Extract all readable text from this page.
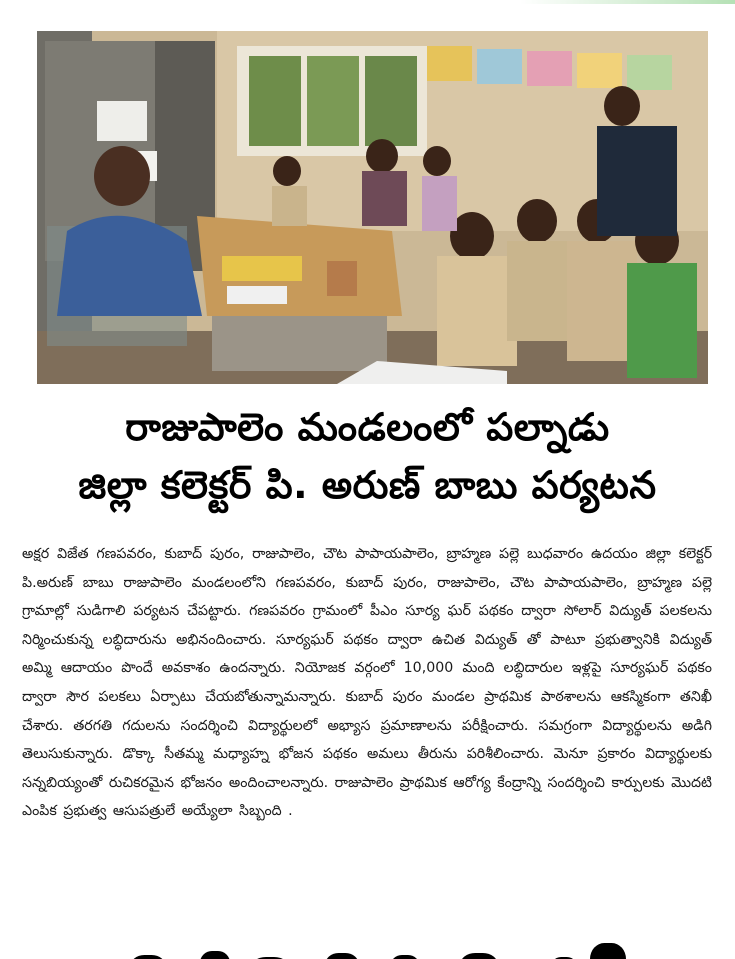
రాజుపాలెం మండలంలో పల్నాడు
జిల్లా కలెక్టర్ పి. అరుణ్ బాబు పర్యటన

అక్షర విజేత గణపవరం, కుబాద్ పురం, రాజుపాలెం, చౌట పాపాయపాలెం, బ్రాహ్మణ పల్లె బుధవారం ఉదయం జిల్లా కలెక్టర్ పి.అరుణ్ బాబు రాజుపాలెం మండలంలోని గణపవరం, కుబాద్ పురం, రాజుపాలెం, చౌట పాపాయపాలెం, బ్రాహ్మణ పల్లె గ్రామాల్లో సుడిగాలి పర్యటన చేపట్టారు. గణపవరం గ్రామంలో పీఎం సూర్య ఘర్ పథకం ద్వారా సోలార్ విద్యుత్ పలకలను నిర్మించుకున్న లబ్ధిదారును అభినందించారు. సూర్యఘర్ పథకం ద్వారా ఉచిత విద్యుత్ తో పాటూ ప్రభుత్వానికి విద్యుత్ అమ్మి ఆదాయం పొందే అవకాశం ఉందన్నారు. నియోజక వర్గంలో 10,000 మంది లబ్ధిదారుల ఇళ్లపై సూర్యఘర్ పథకం ద్వారా సౌర పలకలు ఏర్పాటు చేయబోతున్నామన్నారు. కుబాద్ పురం మండల ప్రాథమిక పాఠశాలను ఆకస్మికంగా తనిఖీ చేశారు. తరగతి గదులను సందర్శించి విద్యార్థులలో అభ్యాస ప్రమాణాలను పరీక్షించారు. సమగ్రంగా విద్యార్థులను అడిగి తెలుసుకున్నారు. డొక్కా సీతమ్మ మధ్యాహ్న భోజన పథకం అమలు తీరును పరిశీలించారు. మెనూ ప్రకారం విద్యార్థులకు సన్నబియ్యంతో రుచికరమైన భోజనం అందించాలన్నారు. రాజుపాలెం ప్రాథమిక ఆరోగ్య కేంద్రాన్ని సందర్శించి కార్పులకు మొదటి ఎంపిక ప్రభుత్వ ఆసుపత్రులే అయ్యేలా సిబ్బంది .
